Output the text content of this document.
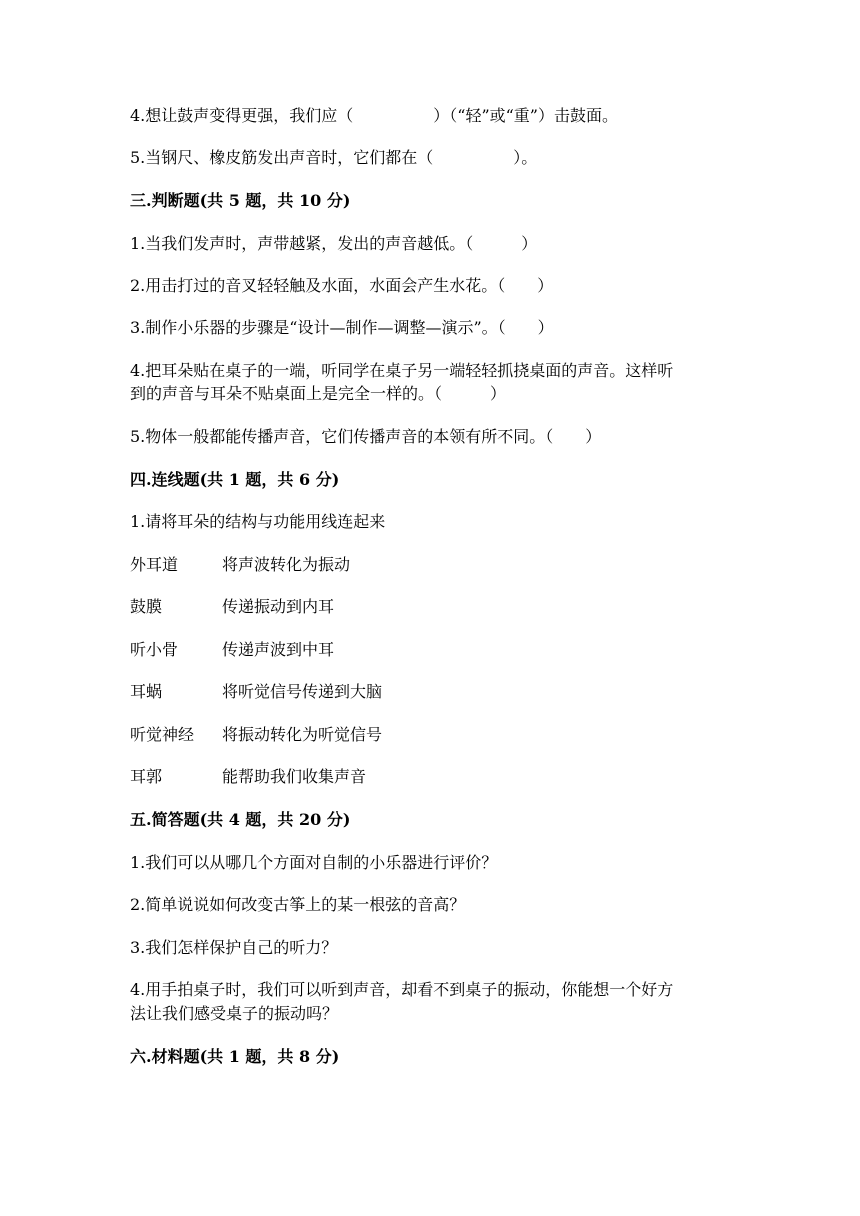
4.想让鼓声变得更强，我们应（　　　　　）（“轻”或“重”）击鼓面。
5.当钢尺、橡皮筋发出声音时，它们都在（　　　　　）。
三.判断题(共 5 题，共 10 分)
1.当我们发声时，声带越紧，发出的声音越低。（　　　）
2.用击打过的音叉轻轻触及水面，水面会产生水花。（　　）
3.制作小乐器的步骤是“设计—制作—调整—演示”。（　　）
4.把耳朵贴在桌子的一端，听同学在桌子另一端轻轻抓挠桌面的声音。这样听
到的声音与耳朵不贴桌面上是完全一样的。（　　　）
5.物体一般都能传播声音，它们传播声音的本领有所不同。（　　）
四.连线题(共 1 题，共 6 分)
1.请将耳朵的结构与功能用线连起来
外耳道	将声波转化为振动
鼓膜	传递振动到内耳
听小骨	传递声波到中耳
耳蜗	将听觉信号传递到大脑
听觉神经 将振动转化为听觉信号
耳郭	能帮助我们收集声音
五.简答题(共 4 题，共 20 分)
1.我们可以从哪几个方面对自制的小乐器进行评价？
2.简单说说如何改变古筝上的某一根弦的音高？
3.我们怎样保护自己的听力？
4.用手拍桌子时，我们可以听到声音，却看不到桌子的振动，你能想一个好方
法让我们感受桌子的振动吗？
六.材料题(共 1 题，共 8 分)
